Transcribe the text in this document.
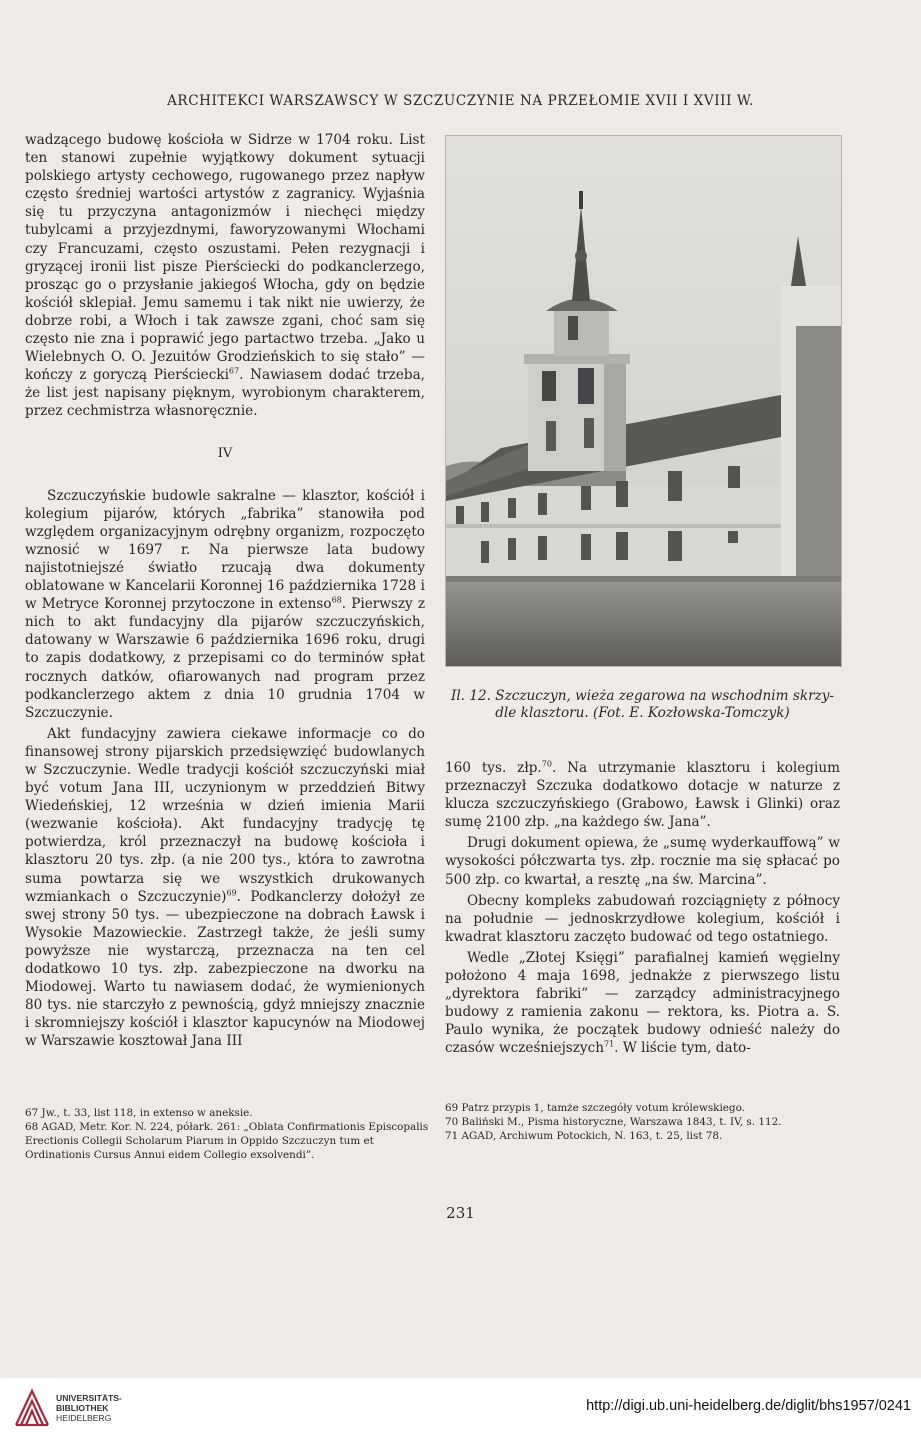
ARCHITEKCI WARSZAWSCY W SZCZUCZYNIE NA PRZEŁOMIE XVII I XVIII W.

wadzącego budowę kościoła w Sidrze w 1704 roku. List ten stanowi zupełnie wyjątkowy dokument sytuacji polskiego artysty cechowego, rugowanego przez napływ często średniej wartości artystów z zagranicy. Wyjaśnia się tu przyczyna antagonizmów i niechęci między tubylcami a przyjezdnymi, faworyzowanymi Włochami czy Francuzami, często oszustami. Pełen rezygnacji i gryzącej ironii list pisze Pierściecki do podkanclerzego, prosząc go o przysłanie jakiegoś Włocha, gdy on będzie kościół sklepiał. Jemu samemu i tak nikt nie uwierzy, że dobrze robi, a Włoch i tak zawsze zgani, choć sam się często nie zna i poprawić jego partactwo trzeba. „Jako u Wielebnych O. O. Jezuitów Grodzieńskich to się stało” — kończy z goryczą Pierściecki$^{67}$. Nawiasem dodać trzeba, że list jest napisany pięknym, wyrobionym charakterem, przez cechmistrza własnoręcznie.

IV

Szczuczyńskie budowle sakralne — klasztor, kościół i kolegium pijarów, których „fabrika” stanowiła pod względem organizacyjnym odrębny organizm, rozpoczęto wznosić w 1697 r. Na pierwsze lata budowy najistotniejszé światło rzucają dwa dokumenty oblatowane w Kancelarii Koronnej 16 października 1728 i w Metryce Koronnej przytoczone in extenso$^{68}$. Pierwszy z nich to akt fundacyjny dla pijarów szczuczyńskich, datowany w Warszawie 6 października 1696 roku, drugi to zapis dodatkowy, z przepisami co do terminów spłat rocznych datków, ofiarowanych nad program przez podkanclerzego aktem z dnia 10 grudnia 1704 w Szczuczynie.

Akt fundacyjny zawiera ciekawe informacje co do finansowej strony pijarskich przedsięwzięć budowlanych w Szczuczynie. Wedle tradycji kościół szczuczyński miał być votum Jana III, uczynionym w przeddzień Bitwy Wiedeńskiej, 12 września w dzień imienia Marii (wezwanie kościoła). Akt fundacyjny tradycję tę potwierdza, król przeznaczył na budowę kościoła i klasztoru 20 tys. złp. (a nie 200 tys., która to zawrotna suma powtarza się we wszystkich drukowanych wzmiankach o Szczuczynie)$^{69}$. Podkanclerzy dołożył ze swej strony 50 tys. — ubezpieczone na dobrach Ławsk i Wysokie Mazowieckie. Zastrzegł także, że jeśli sumy powyższe nie wystarczą, przeznacza na ten cel dodatkowo 10 tys. złp. zabezpieczone na dworku na Miodowej. Warto tu nawiasem dodać, że wymienionych 80 tys. nie starczyło z pewnością, gdyż mniejszy znacznie i skromniejszy kościół i klasztor kapucynów na Miodowej w Warszawie kosztował Jana III

Il. 12. Szczuczyn, wieża zegarowa na wschodnim skrzy-
dle klasztoru. (Fot. E. Kozłowska-Tomczyk)

160 tys. złp.$^{70}$. Na utrzymanie klasztoru i kolegium przeznaczył Szczuka dodatkowo dotacje w naturze z klucza szczuczyńskiego (Grabowo, Ławsk i Glinki) oraz sumę 2100 złp. „na każdego św. Jana”.

Drugi dokument opiewa, że „sumę wyderkauffową” w wysokości półczwarta tys. złp. rocznie ma się spłacać po 500 złp. co kwartał, a resztę „na św. Marcina”.

Obecny kompleks zabudowań rozciągnięty z północy na południe — jednoskrzydłowe kolegium, kościół i kwadrat klasztoru zaczęto budować od tego ostatniego.

Wedle „Złotej Księgi” parafialnej kamień węgielny położono 4 maja 1698, jednakże z pierwszego listu „dyrektora fabriki” — zarządcy administracyjnego budowy z ramienia zakonu — rektora, ks. Piotra a. S. Paulo wynika, że początek budowy odnieść należy do czasów wcześniejszych$^{71}$. W liście tym, dato-

67 Jw., t. 33, list 118, in extenso w aneksie.
68 AGAD, Metr. Kor. N. 224, półark. 261: „Oblata Confirmationis Episcopalis Erectionis Collegii Scholarum Piarum in Oppido Szczuczyn tum et Ordinationis Cursus Annui eidem Collegio exsolvendi”.
69 Patrz przypis 1, tamże szczegóły votum królewskiego.
70 Baliński M., Pisma historyczne, Warszawa 1843, t. IV, s. 112.
71 AGAD, Archiwum Potockich, N. 163, t. 25, list 78.
231
UNIVERSITÄTS-
BIBLIOTHEK
HEIDELBERG
http://digi.ub.uni-heidelberg.de/diglit/bhs1957/0241
